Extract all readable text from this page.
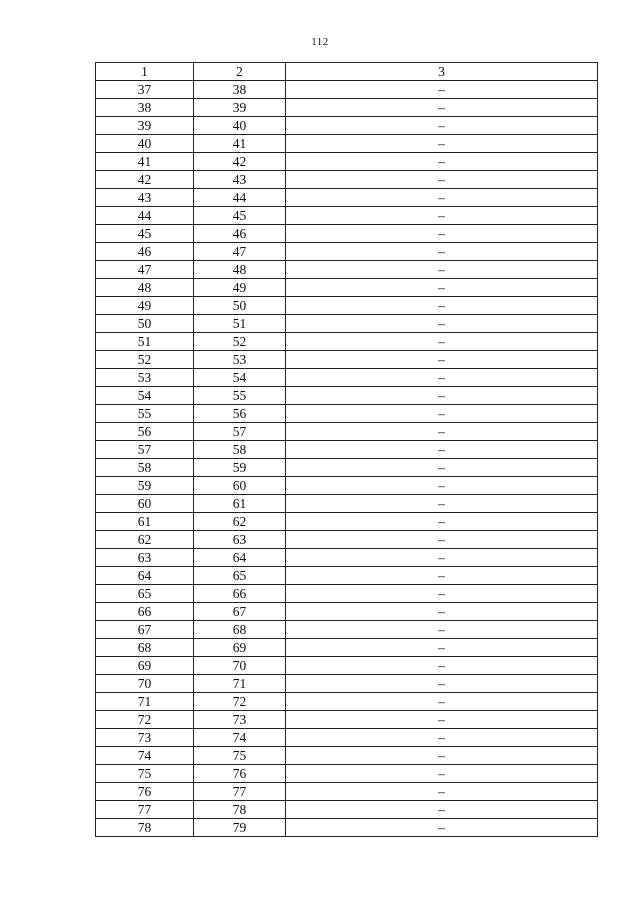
112
1	2	3
37	38	–
38	39	–
39	40	–
40	41	–
41	42	–
42	43	–
43	44	–
44	45	–
45	46	–
46	47	–
47	48	–
48	49	–
49	50	–
50	51	–
51	52	–
52	53	–
53	54	–
54	55	–
55	56	–
56	57	–
57	58	–
58	59	–
59	60	–
60	61	–
61	62	–
62	63	–
63	64	–
64	65	–
65	66	–
66	67	–
67	68	–
68	69	–
69	70	–
70	71	–
71	72	–
72	73	–
73	74	–
74	75	–
75	76	–
76	77	–
77	78	–
78	79	–
